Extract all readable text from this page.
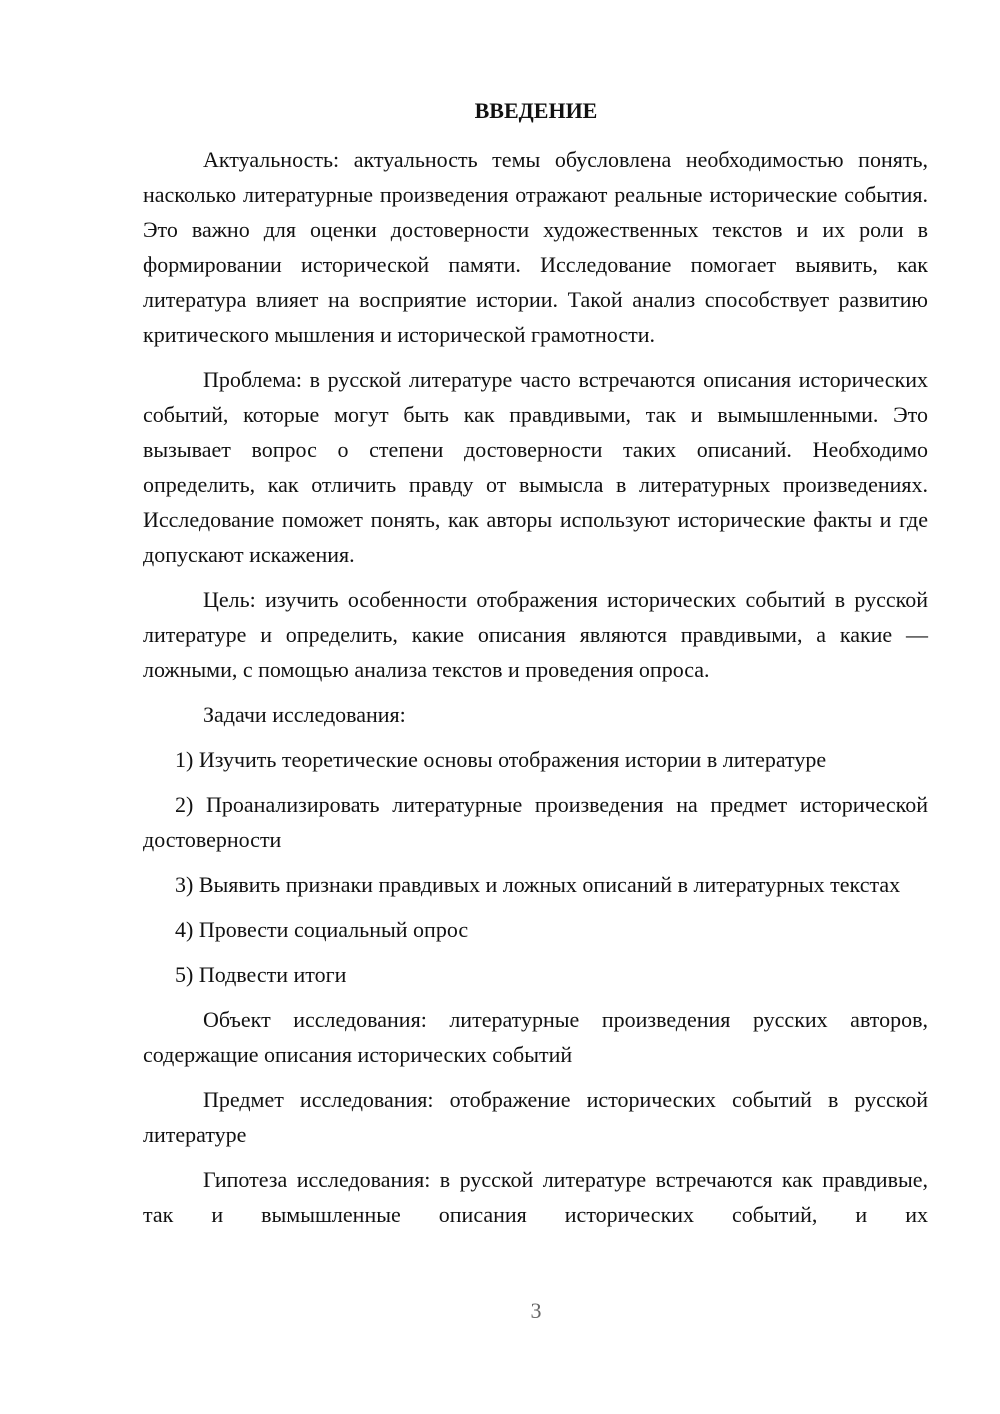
ВВЕДЕНИЕ

Актуальность: актуальность темы обусловлена необходимостью понять, насколько литературные произведения отражают реальные исторические события. Это важно для оценки достоверности художественных текстов и их роли в формировании исторической памяти. Исследование помогает выявить, как литература влияет на восприятие истории. Такой анализ способствует развитию критического мышления и исторической грамотности.

Проблема: в русской литературе часто встречаются описания исторических событий, которые могут быть как правдивыми, так и вымышленными. Это вызывает вопрос о степени достоверности таких описаний. Необходимо определить, как отличить правду от вымысла в литературных произведениях. Исследование поможет понять, как авторы используют исторические факты и где допускают искажения.

Цель: изучить особенности отображения исторических событий в русской литературе и определить, какие описания являются правдивыми, а какие — ложными, с помощью анализа текстов и проведения опроса.

Задачи исследования:

1) Изучить теоретические основы отображения истории в литературе

2) Проанализировать литературные произведения на предмет исторической достоверности

3) Выявить признаки правдивых и ложных описаний в литературных текстах

4) Провести социальный опрос

5) Подвести итоги

Объект исследования: литературные произведения русских авторов, содержащие описания исторических событий

Предмет исследования: отображение исторических событий в русской литературе

Гипотеза исследования: в русской литературе встречаются как правдивые, так и вымышленные описания исторических событий, и их

3
